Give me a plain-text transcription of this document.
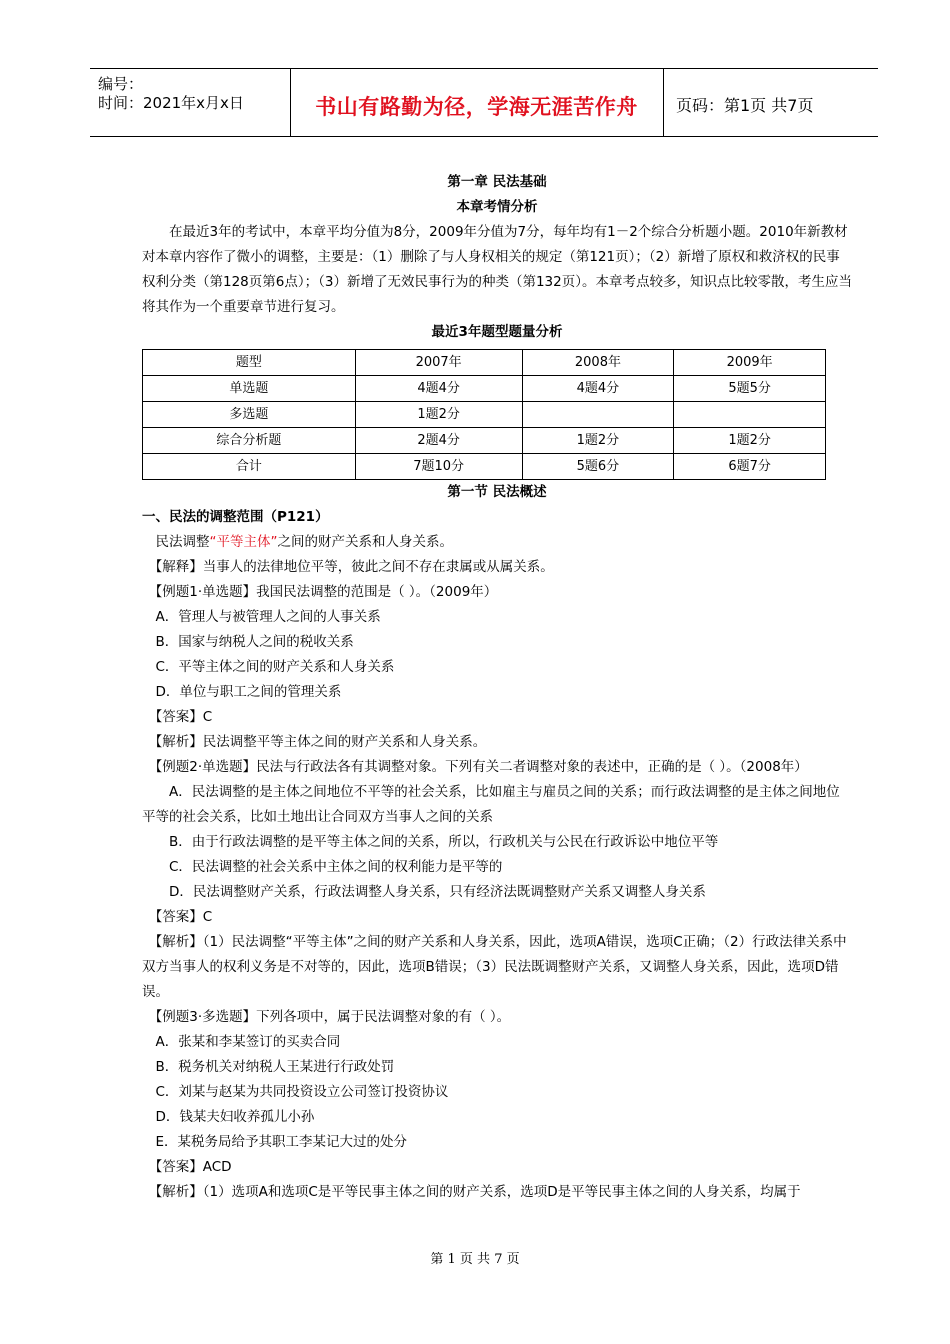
编号：
时间：2021年x月x日	书山有路勤为径，学海无涯苦作舟	页码：第1页 共7页

第一章 民法基础

本章考情分析

　　在最近3年的考试中，本章平均分值为8分，2009年分值为7分，每年均有1－2个综合分析题小题。2010年新教材对本章内容作了微小的调整，主要是：（1）删除了与人身权相关的规定（第121页）；（2）新增了原权和救济权的民事权利分类（第128页第6点）；（3）新增了无效民事行为的种类（第132页）。本章考点较多，知识点比较零散，考生应当将其作为一个重要章节进行复习。

最近3年题型题量分析

题型	2007年	2008年	2009年
单选题	4题4分	4题4分	5题5分
多选题	1题2分		
综合分析题	2题4分	1题2分	1题2分
合计	7题10分	5题6分	6题7分

第一节 民法概述

一、民法的调整范围（P121）

　民法调整“平等主体”之间的财产关系和人身关系。

　【解释】当事人的法律地位平等，彼此之间不存在隶属或从属关系。

　【例题1·单选题】我国民法调整的范围是（ ）。（2009年）

　A．管理人与被管理人之间的人事关系

　B．国家与纳税人之间的税收关系

　C．平等主体之间的财产关系和人身关系

　D．单位与职工之间的管理关系

　【答案】C

　【解析】民法调整平等主体之间的财产关系和人身关系。

　【例题2·单选题】民法与行政法各有其调整对象。下列有关二者调整对象的表述中，正确的是（ ）。（2008年）

　　A．民法调整的是主体之间地位不平等的社会关系，比如雇主与雇员之间的关系；而行政法调整的是主体之间地位平等的社会关系，比如土地出让合同双方当事人之间的关系

　　B．由于行政法调整的是平等主体之间的关系，所以，行政机关与公民在行政诉讼中地位平等

　　C．民法调整的社会关系中主体之间的权利能力是平等的

　　D．民法调整财产关系，行政法调整人身关系，只有经济法既调整财产关系又调整人身关系

　【答案】C

　【解析】（1）民法调整“平等主体”之间的财产关系和人身关系，因此，选项A错误，选项C正确；（2）行政法律关系中双方当事人的权利义务是不对等的，因此，选项B错误；（3）民法既调整财产关系，又调整人身关系，因此，选项D错误。

　【例题3·多选题】下列各项中，属于民法调整对象的有（ ）。

　A．张某和李某签订的买卖合同

　B．税务机关对纳税人王某进行行政处罚

　C．刘某与赵某为共同投资设立公司签订投资协议

　D．钱某夫妇收养孤儿小孙

　E．某税务局给予其职工李某记大过的处分

　【答案】ACD

　【解析】（1）选项A和选项C是平等民事主体之间的财产关系，选项D是平等民事主体之间的人身关系，均属于

第 1 页 共 7 页
